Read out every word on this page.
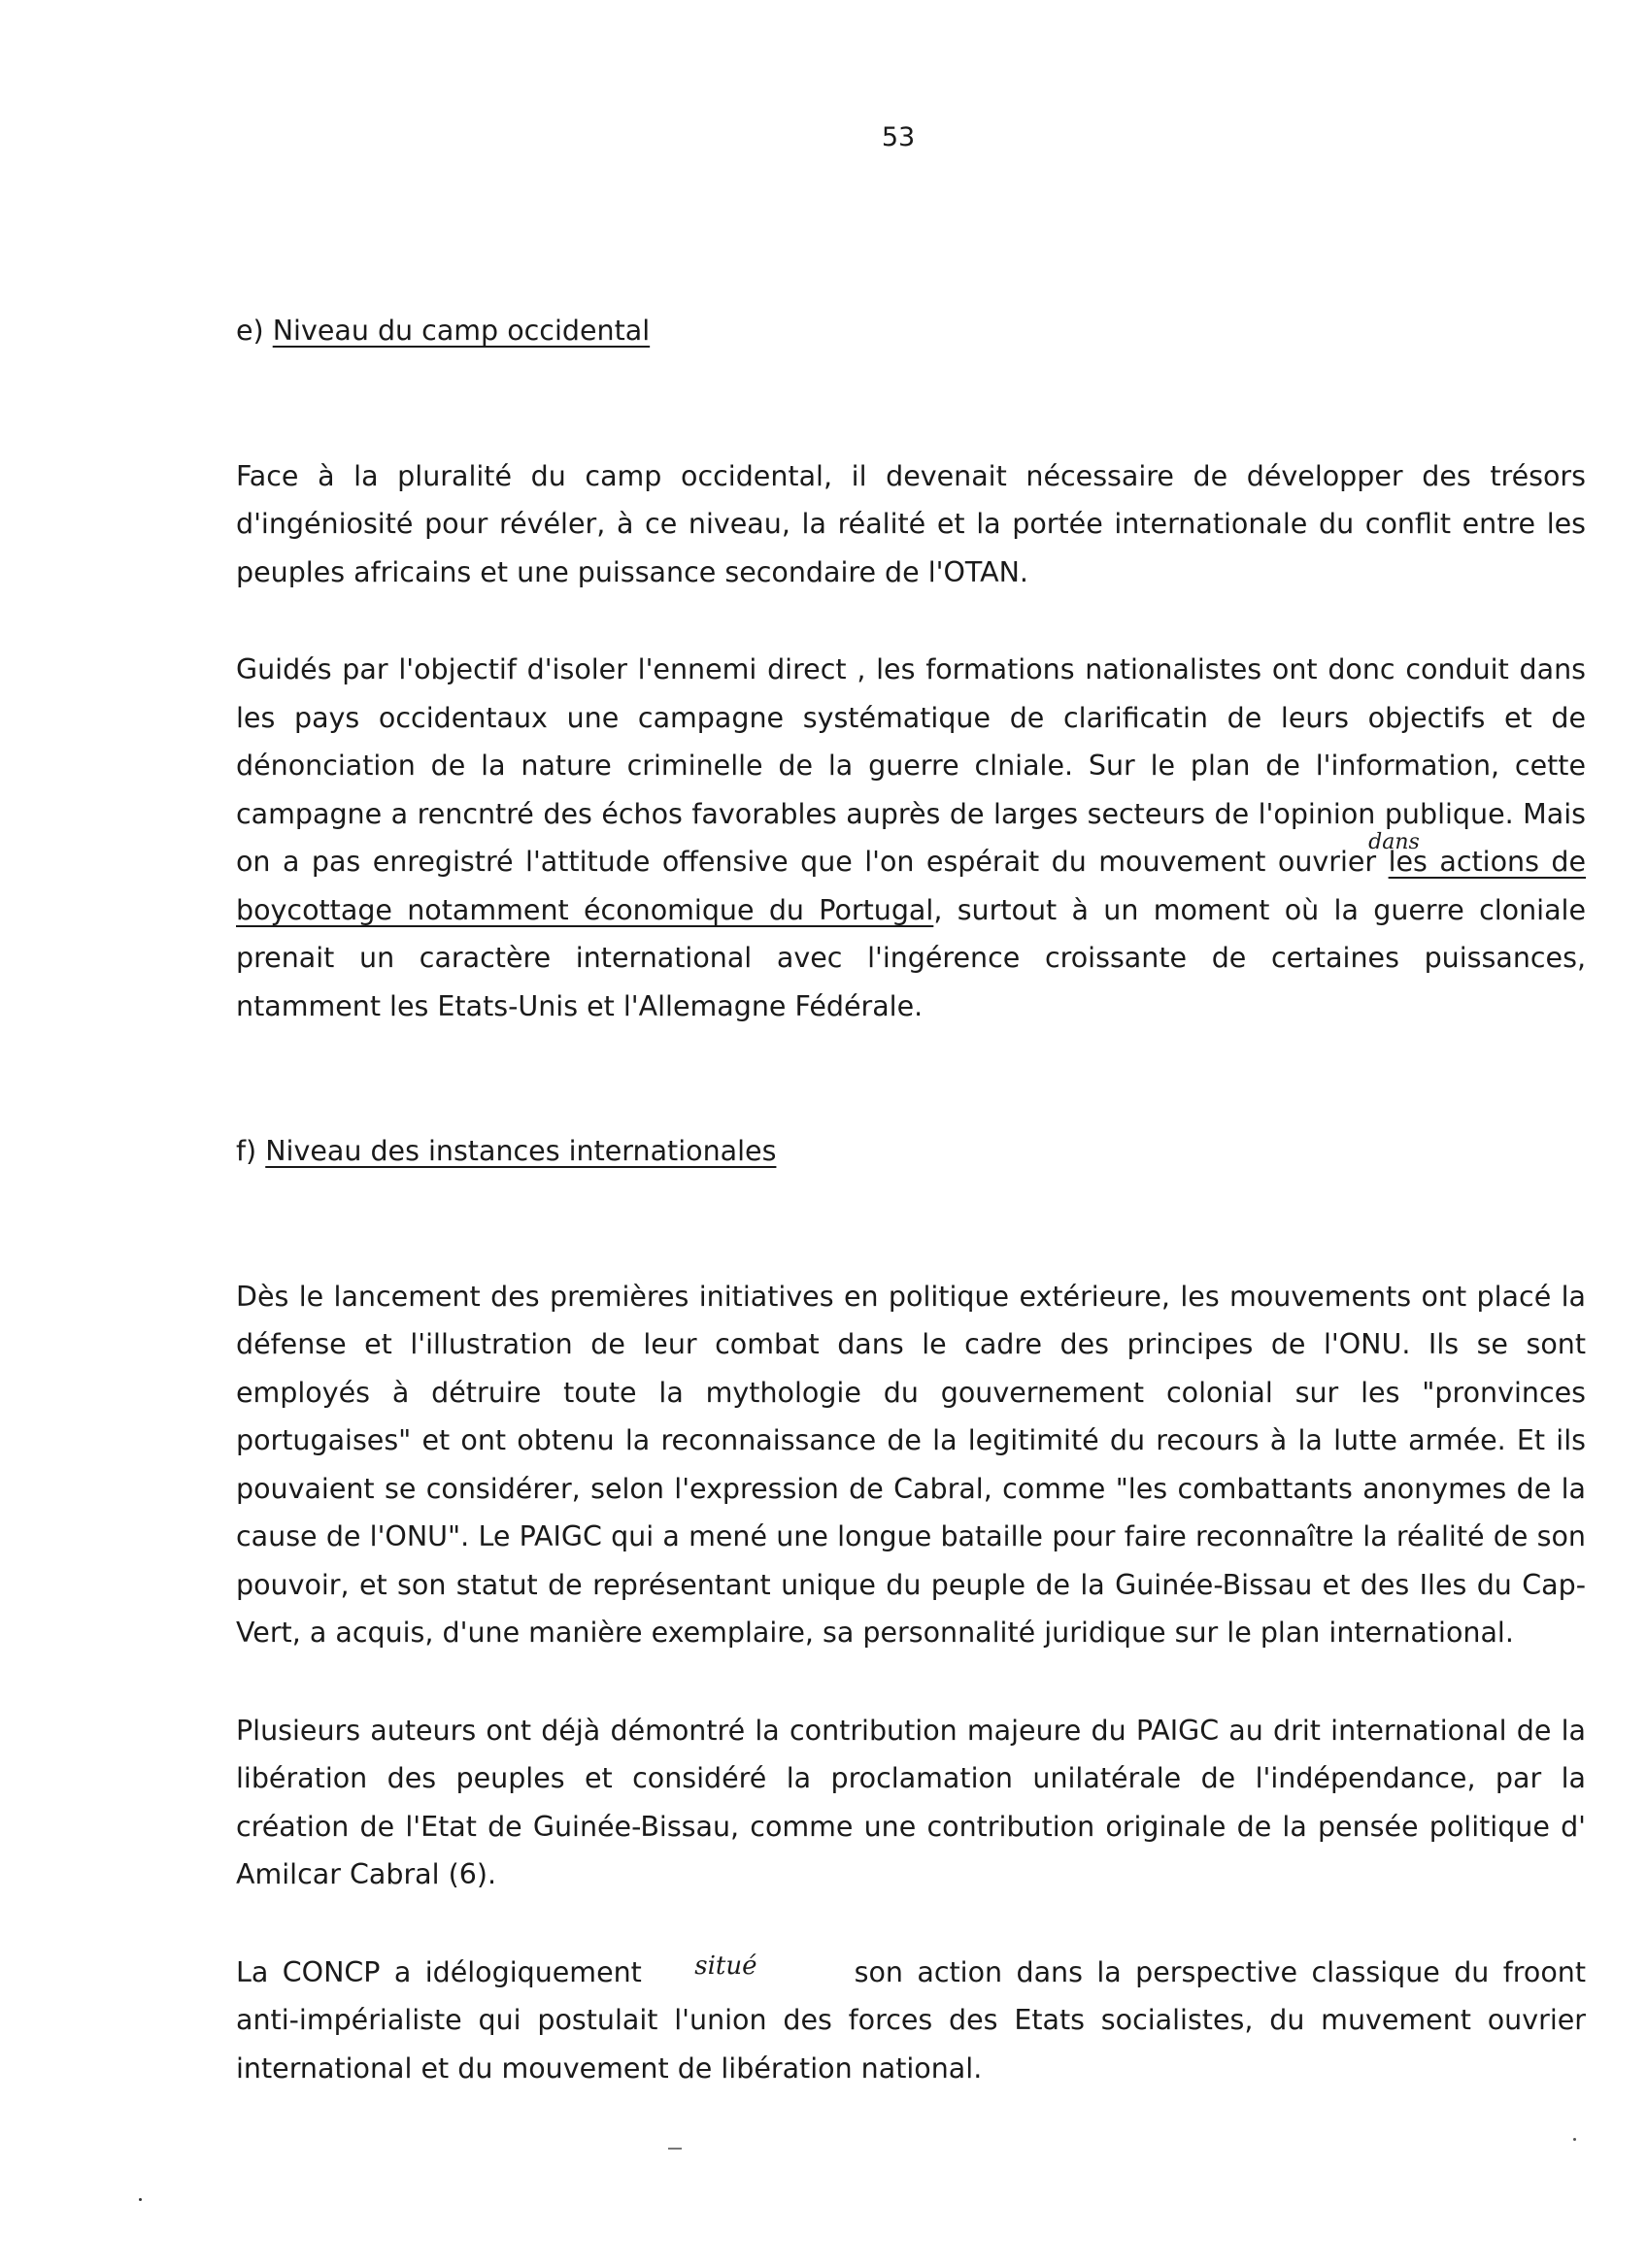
53
e) Niveau du camp occidental

Face à la pluralité du camp occidental, il devenait nécessaire de développer des trésors d'ingéniosité pour révéler, à ce niveau, la réalité et la portée internationale du conflit entre les peuples africains et une puissance secondaire de l'OTAN.

Guidés par l'objectif d'isoler l'ennemi direct , les formations nationalistes ont donc conduit dans les pays occidentaux une campagne systématique de clarificatin de leurs objectifs et de dénonciation de la nature criminelle de la guerre clniale. Sur le plan de l'information, cette campagne a rencntré des échos favorables auprès de larges secteurs de l'opinion publique. Mais on a pas enregistré l'attitude offensive que l'on espérait du mouvement ouvrier
dans
les actions de boycottage notamment économique du Portugal, surtout à un moment où la guerre cloniale prenait un caractère international avec l'ingérence croissante de certaines puissances, ntamment les Etats-Unis et l'Allemagne Fédérale.

f) Niveau des instances internationales

Dès le lancement des premières initiatives en politique extérieure, les mouvements ont placé la défense et l'illustration de leur combat dans le cadre des principes de l'ONU. Ils se sont employés à détruire toute la mythologie du gouvernement colonial sur les "pronvinces portugaises" et ont obtenu la reconnaissance de la legitimité du recours à la lutte armée. Et ils pouvaient se considérer, selon l'expression de Cabral, comme "les combattants anonymes de la cause de l'ONU". Le PAIGC qui a mené une longue bataille pour faire reconnaître la réalité de son pouvoir, et son statut de représentant unique du peuple de la Guinée-Bissau et des Iles du Cap-Vert, a acquis, d'une manière exemplaire, sa personnalité juridique sur le plan international.

Plusieurs auteurs ont déjà démontré la contribution majeure du PAIGC au drit international de la libération des peuples et considéré la proclamation unilatérale de l'indépendance, par la création de l'Etat de Guinée-Bissau, comme une contribution originale de la pensée politique d' Amilcar Cabral (6).

La CONCP a idélogiquement situé	son action dans la perspective classique du froont anti-impérialiste qui postulait l'union des forces des Etats socialistes, du muvement ouvrier international et du mouvement de libération national.
